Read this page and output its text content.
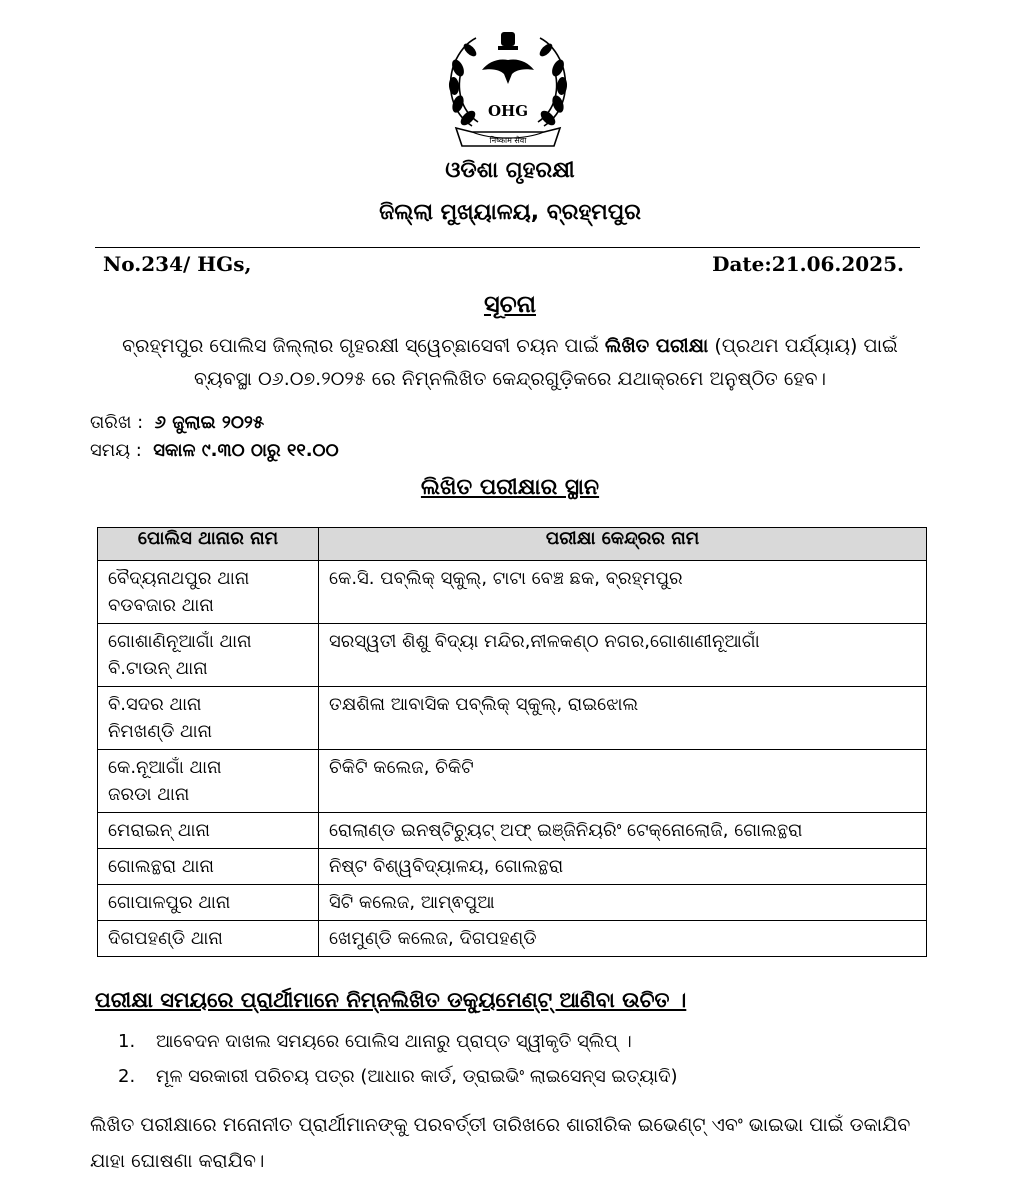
OHG
निष्काम सेवा
ଓଡିଶା ଗୃହରକ୍ଷୀ
ଜିଲ୍ଲା ମୁଖ୍ୟାଳୟ, ବ୍ରହ୍ମପୁର
No.234/ HGs,	Date:21.06.2025.
ସୂଚନା
ବ୍ରହ୍ମପୁର ପୋଲିସ ଜିଲ୍ଲାର ଗୃହରକ୍ଷୀ ସ୍ୱେଚ୍ଛାସେବୀ ଚୟନ ପାଇଁ ଲିଖିତ ପରୀକ୍ଷା (ପ୍ରଥମ ପର୍ଯ୍ୟାୟ) ପାଇଁ
ବ୍ୟବସ୍ଥା ୦୬.୦୭.୨୦୨୫ ରେ ନିମ୍ନଲିଖିତ କେନ୍ଦ୍ରଗୁଡ଼ିକରେ ଯଥାକ୍ରମେ ଅନୁଷ୍ଠିତ ହେବ।
ତାରିଖ : ୬ ଜୁଲାଇ ୨୦୨୫
ସମୟ : ସକାଳ ୯.୩୦ ଠାରୁ ୧୧.୦୦
ଲିଖିତ ପରୀକ୍ଷାର ସ୍ଥାନ
ପୋଲିସ ଥାନାର ନାମ	ପରୀକ୍ଷା କେନ୍ଦ୍ରର ନାମ

ବୈଦ୍ୟନାଥପୁର ଥାନା
ବଡବଜାର ଥାନା	କେ.ସି. ପବ୍ଲିକ୍ ସ୍କୁଲ୍, ଟାଟା ବେଞ୍ଚ ଛକ, ବ୍ରହ୍ମପୁର

ଗୋଶାଣିନୂଆଗାଁ ଥାନା
ବି.ଟାଉନ୍ ଥାନା	ସରସ୍ୱତୀ ଶିଶୁ ବିଦ୍ୟା ମନ୍ଦିର,ନୀଳକଣ୍ଠ ନଗର,ଗୋଶାଣୀନୂଆଗାଁ

ବି.ସଦର ଥାନା
ନିମଖଣ୍ଡି ଥାନା	ତକ୍ଷଶିଳା ଆବାସିକ ପବ୍ଲିକ୍ ସ୍କୁଲ୍, ରାଇଝୋଲ

କେ.ନୂଆଗାଁ ଥାନା
ଜରଡା ଥାନା	ଚିକିଟି କଲେଜ, ଚିକିଟି
ମେରାଇନ୍ ଥାନା	ରୋଲାଣ୍ଡ ଇନଷ୍ଟିଚ୍ୟୁଟ୍ ଅଫ୍ ଇଞ୍ଜିନିୟରିଂ ଟେକ୍ନୋଲୋଜି, ଗୋଲନ୍ଥରା
ଗୋଲନ୍ଥରା ଥାନା	ନିଷ୍ଟ ବିଶ୍ୱବିଦ୍ୟାଳୟ, ଗୋଲନ୍ଥରା
ଗୋପାଳପୁର ଥାନା	ସିଟି କଲେଜ, ଆମ୍ଵପୁଆ
ଦିଗପହଣ୍ଡି ଥାନା	ଖେମୁଣ୍ଡି କଲେଜ, ଦିଗପହଣ୍ଡି
ପରୀକ୍ଷା ସମୟରେ ପ୍ରାର୍ଥୀମାନେ ନିମ୍ନଲିଖିତ ଡକ୍ୟୁମେଣ୍ଟ୍ ଆଣିବା ଉଚିତ ।
1. ଆବେଦନ ଦାଖଲ ସମୟରେ ପୋଲିସ ଥାନାରୁ ପ୍ରାପ୍ତ ସ୍ୱୀକୃତି ସ୍ଲିପ୍ ।
2. ମୂଳ ସରକାରୀ ପରିଚୟ ପତ୍ର (ଆଧାର କାର୍ଡ, ଡ୍ରାଇଭିଂ ଲାଇସେନ୍ସ ଇତ୍ୟାଦି)
ଲିଖିତ ପରୀକ୍ଷାରେ ମନୋନୀତ ପ୍ରାର୍ଥୀମାନଙ୍କୁ ପରବର୍ତ୍ତୀ ତାରିଖରେ ଶାରୀରିକ ଇଭେଣ୍ଟ୍ ଏବଂ ଭାଇଭା ପାଇଁ ଡକାଯିବ ଯାହା ଘୋଷଣା କରାଯିବ।
